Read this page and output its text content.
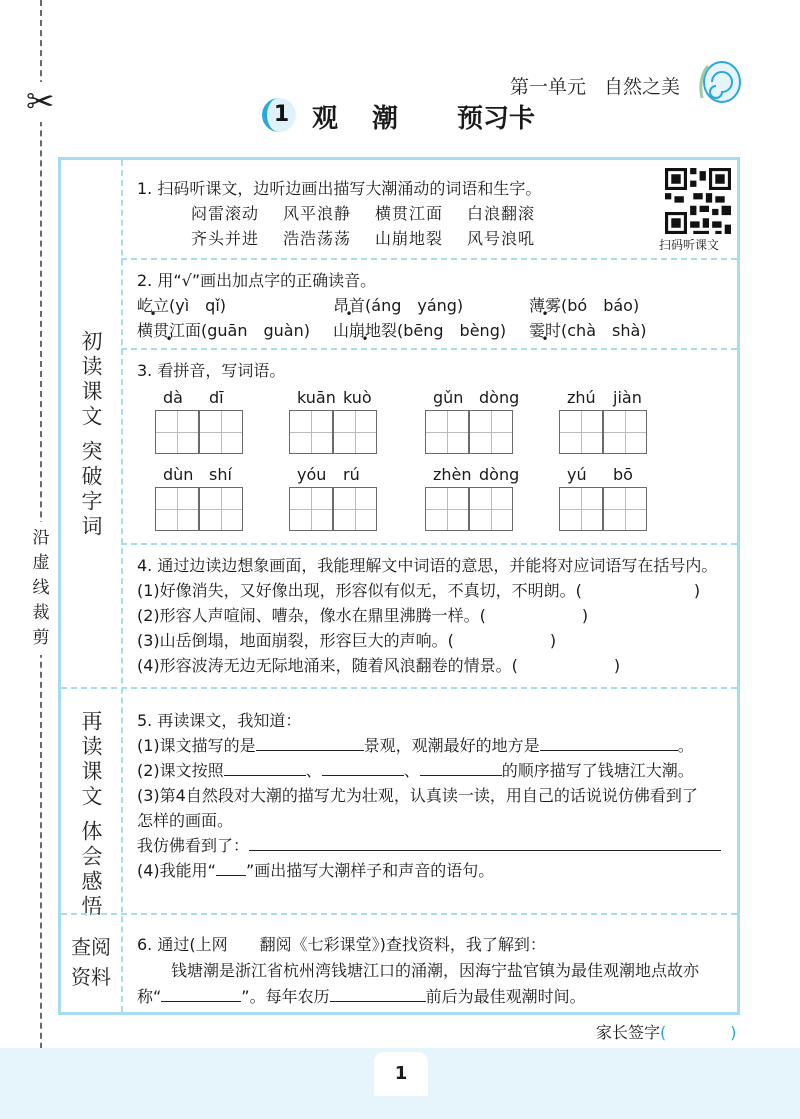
✂
沿虚线裁剪
第一单元 自然之美
1 观潮 预习卡
初读课文
突破字词
再读课文
体会感悟
查阅资料
1. 扫码听课文，边听边画出描写大潮涌动的词语和生字。
闷雷滚动 风平浪静 横贯江面 白浪翻滚
齐头并进 浩浩荡荡 山崩地裂 风号浪吼	扫码听课文
2. 用“√”画出加点字的正确读音。
屹立(yì　qǐ)	昂首(áng　yáng)	薄雾(bó　báo)
横贯江面(guān　guàn) 山崩地裂(bēng　bèng) 霎时(chà　shà)
3. 看拼音，写词语。
dà dī	kuān kuò	gǔn dòng	zhú jiàn
dùn shí	yóu rú	zhèn dòng	yú bō
4. 通过边读边想象画面，我能理解文中词语的意思，并能将对应词语写在括号内。
(1)好像消失，又好像出现，形容似有似无，不真切，不明朗。(　　　　　　　)
(2)形容人声喧闹、嘈杂，像水在鼎里沸腾一样。(　　　　　　)
(3)山岳倒塌，地面崩裂，形容巨大的声响。(　　　　　　)
(4)形容波涛无边无际地涌来，随着风浪翻卷的情景。(　　　　　　)
5. 再读课文，我知道：
(1)课文描写的是	景观，观潮最好的地方是	。
(2)课文按照	、	、	的顺序描写了钱塘江大潮。
(3)第4自然段对大潮的描写尤为壮观，认真读一读，用自己的话说说仿佛看到了
怎样的画面。
我仿佛看到了：
(4)我能用“ ”画出描写大潮样子和声音的语句。
6. 通过(上网　　翻阅《七彩课堂》)查找资料，我了解到：
钱塘潮是浙江省杭州湾钱塘江口的涌潮，因海宁盐官镇为最佳观潮地点故亦
称“	”。每年农历	前后为最佳观潮时间。
家长签字(	)
1
